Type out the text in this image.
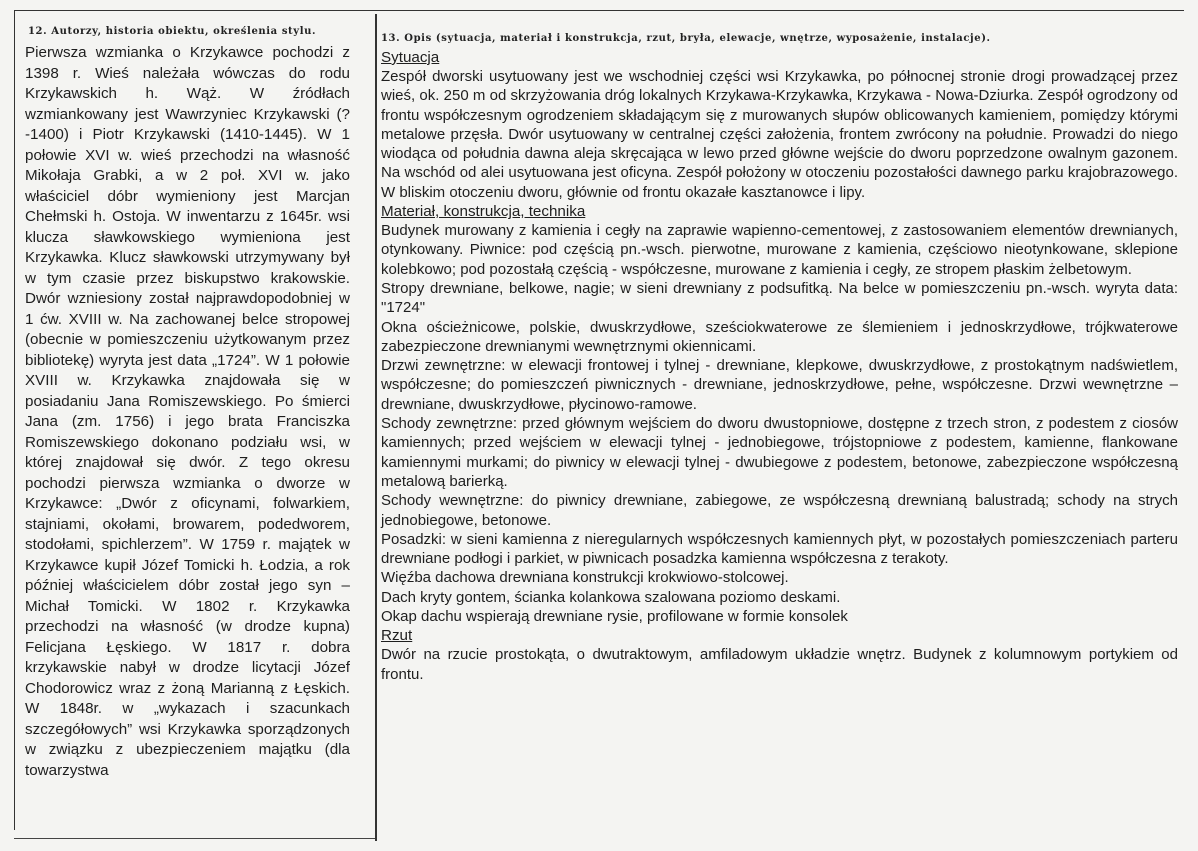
12. Autorzy, historia obiektu, określenia stylu.

Pierwsza wzmianka o Krzykawce pochodzi z 1398 r. Wieś należała wówczas do rodu Krzykawskich h. Wąż. W źródłach wzmiankowany jest Wawrzyniec Krzykawski (?-1400) i Piotr Krzykawski (1410-1445). W 1 połowie XVI w. wieś przechodzi na własność Mikołaja Grabki, a w 2 poł. XVI w. jako właściciel dóbr wymieniony jest Marcjan Chełmski h. Ostoja. W inwentarzu z 1645r. wsi klucza sławkowskiego wymieniona jest Krzykawka. Klucz sławkowski utrzymywany był w tym czasie przez biskupstwo krakowskie. Dwór wzniesiony został najprawdopodobniej w 1 ćw. XVIII w. Na zachowanej belce stropowej (obecnie w pomieszczeniu użytkowanym przez bibliotekę) wyryta jest data „1724”. W 1 połowie XVIII w. Krzykawka znajdowała się w posiadaniu Jana Romiszewskiego. Po śmierci Jana (zm. 1756) i jego brata Franciszka Romiszewskiego dokonano podziału wsi, w której znajdował się dwór. Z tego okresu pochodzi pierwsza wzmianka o dworze w Krzykawce: „Dwór z oficynami, folwarkiem, stajniami, okołami, browarem, podedworem, stodołami, spichlerzem”. W 1759 r. majątek w Krzykawce kupił Józef Tomicki h. Łodzia, a rok później właścicielem dóbr został jego syn – Michał Tomicki. W 1802 r. Krzykawka przechodzi na własność (w drodze kupna) Felicjana Łęskiego. W 1817 r. dobra krzykawskie nabył w drodze licytacji Józef Chodorowicz wraz z żoną Marianną z Łęskich. W 1848r. w „wykazach i szacunkach szczegółowych” wsi Krzykawka sporządzonych w związku z ubezpieczeniem majątku (dla towarzystwa

13. Opis (sytuacja, materiał i konstrukcja, rzut, bryła, elewacje, wnętrze, wyposażenie, instalacje).

Sytuacja

Zespół dworski usytuowany jest we wschodniej części wsi Krzykawka, po północnej stronie drogi prowadzącej przez wieś, ok. 250 m od skrzyżowania dróg lokalnych Krzykawa-Krzykawka, Krzykawa - Nowa-Dziurka. Zespół ogrodzony od frontu współczesnym ogrodzeniem składającym się z murowanych słupów oblicowanych kamieniem, pomiędzy którymi metalowe przęsła. Dwór usytuowany w centralnej części założenia, frontem zwrócony na południe. Prowadzi do niego wiodąca od południa dawna aleja skręcająca w lewo przed główne wejście do dworu poprzedzone owalnym gazonem. Na wschód od alei usytuowana jest oficyna. Zespół położony w otoczeniu pozostałości dawnego parku krajobrazowego. W bliskim otoczeniu dworu, głównie od frontu okazałe kasztanowce i lipy.

Materiał, konstrukcja, technika

Budynek murowany z kamienia i cegły na zaprawie wapienno-cementowej, z zastosowaniem elementów drewnianych, otynkowany. Piwnice: pod częścią pn.-wsch. pierwotne, murowane z kamienia, częściowo nieotynkowane, sklepione kolebkowo; pod pozostałą częścią - współczesne, murowane z kamienia i cegły, ze stropem płaskim żelbetowym.

Stropy drewniane, belkowe, nagie; w sieni drewniany z podsufitką. Na belce w pomieszczeniu pn.-wsch. wyryta data: "1724"

Okna ościeżnicowe, polskie, dwuskrzydłowe, sześciokwaterowe ze ślemieniem i jednoskrzydłowe, trójkwaterowe zabezpieczone drewnianymi wewnętrznymi okiennicami.

Drzwi zewnętrzne: w elewacji frontowej i tylnej - drewniane, klepkowe, dwuskrzydłowe, z prostokątnym nadświetlem, współczesne; do pomieszczeń piwnicznych - drewniane, jednoskrzydłowe, pełne, współczesne. Drzwi wewnętrzne – drewniane, dwuskrzydłowe, płycinowo-ramowe.

Schody zewnętrzne: przed głównym wejściem do dworu dwustopniowe, dostępne z trzech stron, z podestem z ciosów kamiennych; przed wejściem w elewacji tylnej - jednobiegowe, trójstopniowe z podestem, kamienne, flankowane kamiennymi murkami; do piwnicy w elewacji tylnej - dwubiegowe z podestem, betonowe, zabezpieczone współczesną metalową barierką.

Schody wewnętrzne: do piwnicy drewniane, zabiegowe, ze współczesną drewnianą balustradą; schody na strych jednobiegowe, betonowe.

Posadzki: w sieni kamienna z nieregularnych współczesnych kamiennych płyt, w pozostałych pomieszczeniach parteru drewniane podłogi i parkiet, w piwnicach posadzka kamienna współczesna z terakoty.

Więźba dachowa drewniana konstrukcji krokwiowo-stolcowej.

Dach kryty gontem, ścianka kolankowa szalowana poziomo deskami.

Okap dachu wspierają drewniane rysie, profilowane w formie konsolek

Rzut

Dwór na rzucie prostokąta, o dwutraktowym, amfiladowym układzie wnętrz. Budynek z kolumnowym portykiem od frontu.
